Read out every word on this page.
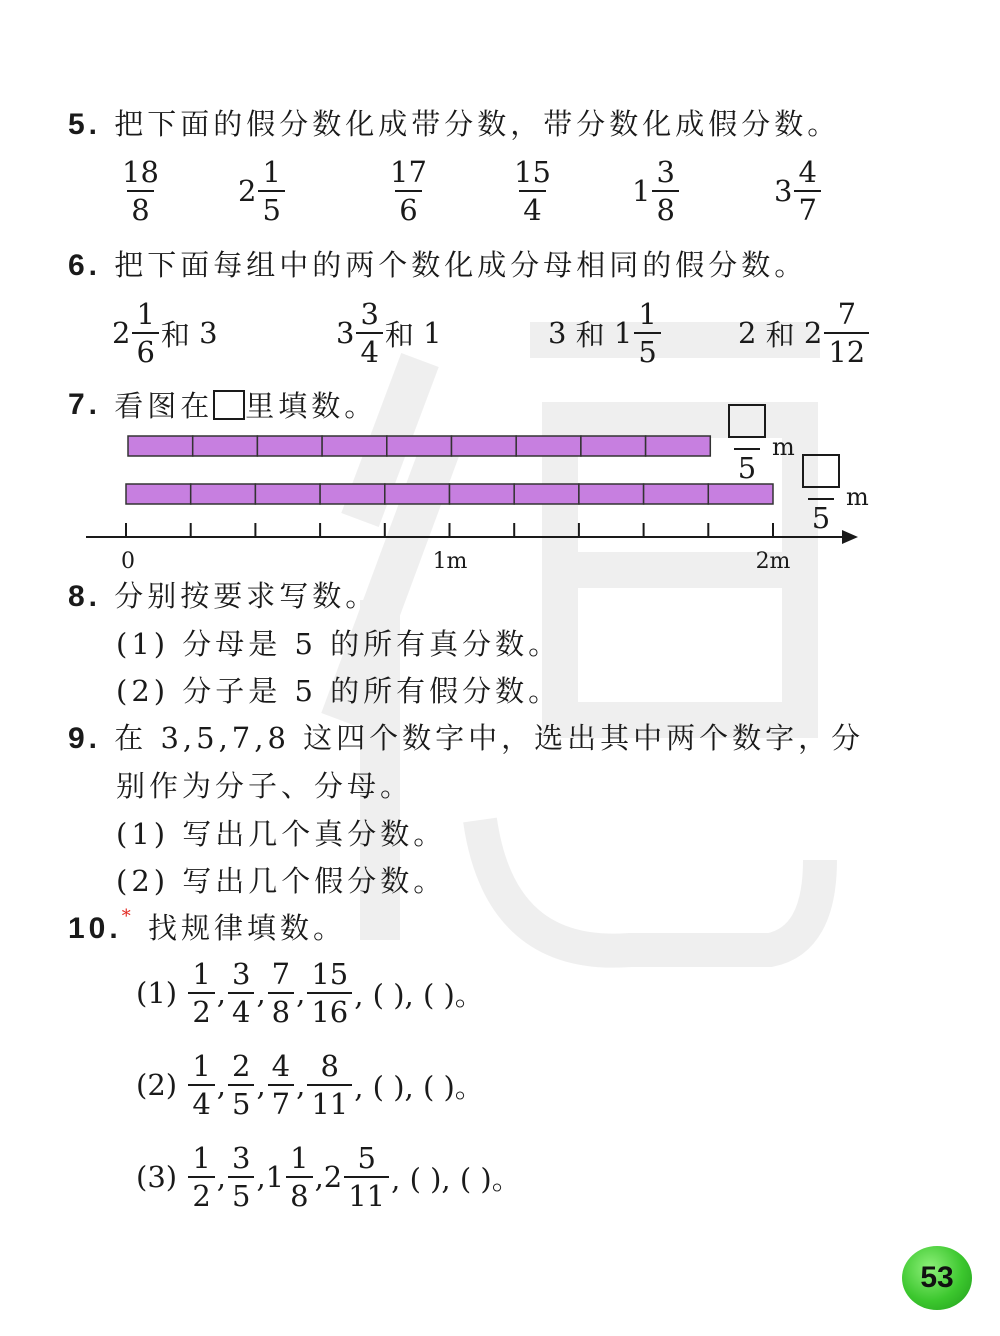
5. 把下面的假分数化成带分数，带分数化成假分数。
$\frac{18}{8}$	$2 \frac{1}{5}$	$\frac{17}{6}$	$\frac{15}{4}$	$1 \frac{3}{8}$	$3 \frac{4}{7}$
6. 把下面每组中的两个数化成分母相同的假分数。
$2 \frac{1}{6}$ 和
3	$3 \frac{3}{4}$ 和
1	3
和
$1 \frac{1}{5}$	2
和
$2 \frac{7}{12}$
7.
看图在 里填数。
0	1m	2m
5
m
5
m
8. 分别按要求写数。
(1) 分母是 5 的所有真分数。
(2) 分子是 5 的所有假分数。
9. 在 3,5,7,8 这四个数字中，选出其中两个数字，分
别作为分子、分母。
(1) 写出几个真分数。
(2) 写出几个假分数。
10.* 找规律填数。
(1)
$\frac{1}{2}$ , $\frac{3}{4}$ , $\frac{7}{8}$ , $\frac{15}{16}$ , ( ), ( )。
(2)
$\frac{1}{4}$ , $\frac{2}{5}$ , $\frac{4}{7}$ , $\frac{8}{11}$ , ( ), ( )。
(3)
$\frac{1}{2}$ , $\frac{3}{5}$ , $1 \frac{1}{8}$ , $2 \frac{5}{11}$ , ( ), ( )。
53
